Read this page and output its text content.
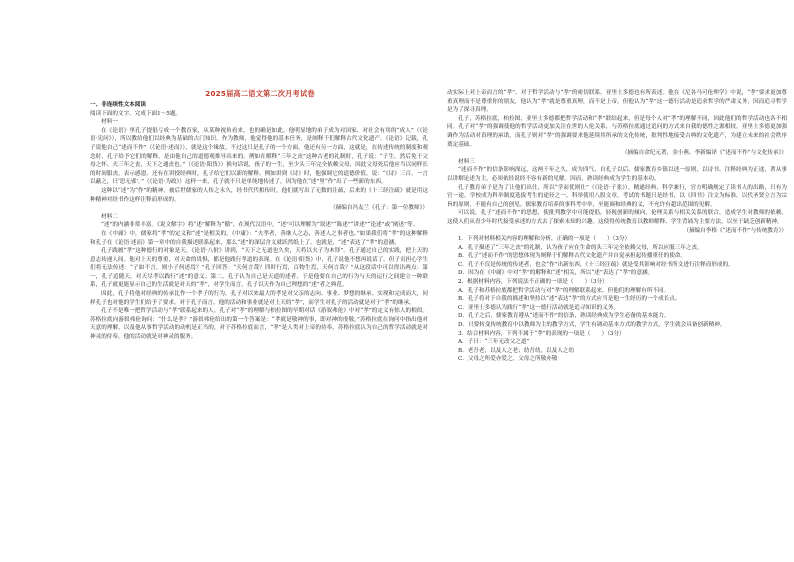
2025届高二语文第二次月考试卷

一、非连续性文本阅读

阅读下面的文字，完成下面1～5题。

材料一

在《论语》里孔子提倡亏成一个教育家，从某种视角看来，也的确是如此。他明显地的弟子成为对国家、对社会有用的“成人”（《论语·宪问》），所以教给他们以经典为基础的古门知识，作为教师，他觉得他的基本任务，是阐释于们解释古代文化遗产。《论语》记载，孔子说他自己“述而不作”（《论语·述而》），就是这个缘故。不过这只是孔子的一个方面，他还有另一方面，这就是，在传述传统的制度和观念时，孔子给予它们的解释，是由他自己的道德观推导出来的。例如在解释“三年之丧”这种古老的礼制时，孔子说：“子生，然后免于父母之怀。夫三年之丧，天下之通丧也。”（《论语·阳货》）换句话说，孩子的一生，至少头三年完全依赖父母，因此父母死后他应当以同样长的时间服丧，表示感恩。还有在讲授经典时，孔子给它们以新的解释。例如讲到《诗》时，他强调它的道德价值，说：“《诗》三百，一言以蔽之，曰‘思无邪’。”（《论语·为政》）这样一来，孔子就不只是单纯地传述了，因为他在“述”里“作”出了一些新的东西。

这种以“述”为“作”的精神，被后世儒家的人传之永久，经书代代相传时，他们就写出了无数的注疏，后来的《十三经注疏》就是用这种精神对经书作这样注释而形成的。

（摘编自冯友兰《孔子：第一位教师》）

材料二

“述”的内涵非常丰富。《说文解字》将“述”解释为“循”，在现代汉语中，“述”可以理解为“叙述”“陈述”“讲述”“论述”或“阐述”等。

在《中庸》中，儒家将“孝”的定义和“述”是相关的。《中庸》：“夫孝者，善继人之志，善述人之事者也。”如果我们将“孝”的这种解释和孔子在《论语·述而》第一章中的自我描述联系起来，那么“述”的深层含义就跃然纸上了。也就是，“述”表达了“孝”的意涵。

孔子践履“孝”这种德行的对象是天。《论语·八佾》讲到，“天下之无道也久矣，天将以夫子为木铎”。孔子通过自己的实践，把上天的意志传递人间。他对上天的尊重，对天命的畏惧，都是他践行孝道的表现。在《论语·阳货》中，孔子说他不想再说话了，但子贡担心学生们将无法传述：“子如不言，则小子何述焉？”孔子回答：“天何言哉？四时行焉，百物生焉，天何言哉？”从这段话中可以得出两点：第一，孔子追随天，对天尽孝以践行“述”的意义；第二，孔子认为自己是天道的述者，于是他要在自己的行为与天的运行之间建立一种联系，孔子就更能显示自己的生活就是对天的“孝”，对学生而言，孔子以天作为自己理想的“述”者之典范。

因此，孔子将他对经典的传承比作一个孝子的行为，孔子对以来最大的孝是对父亲的志向、事业、梦想的继承。实现和完成而大，同样孔子也对他的学生们给予了要求。对于孔子而言，他的活动和事业就是对上天的“孝”，而学生对孔子的活动就是对于“孝”的继承。

孔子不是唯一把哲学活动与“孝”联系起来的人。孔子对“孝”的理解与柏拉图的早期对话《游叙弗伦》中对“孝”的定义有惊人的相似。苏格拉底向游叙弗伦询问：“什么是孝？”游叙弗伦给出的第一个答案是：“孝就是敬神的事，即对神的虔敬。”苏格拉底在询问中指出他对天意的理解，以及他从事哲学活动的动机是正当的，对于苏格拉底而言，“孝”是人类对上帝的侍奉，苏格拉底认为自己的哲学活动就是对神灵的侍奉，他的活动就是对神灵的服务。

动实际上对上帝而言的“孝”。对于哲学活动与“孝”的密切联系，亚里士多德也有所表述。他在《尼各马可伦理学》中说，“孝”要求更加尊重真理而不是尊重你的朋友，他认为“孝”就是尊重真理，而不是上帝，但他认为“孝”这一德行活动是追求哲学的严肃义务，因而追寻哲学是为了探寻真理。

孔子，苏格拉底，柏拉图，亚里士多德都把哲学活动和“孝”联结起来，但是每个人对“孝”的理解不同，因此他们的哲学活动也各不相同。孔子对“孝”的强调使他的哲学活动更加关注在世的人伦关系，与苏格拉底通过追问的方式来自我的德性之源相较，亚里士多德更加强调作为活动对真理的承诺，而孔子则对“孝”的强调要求他延续其所承的文化传统，批判性地接受古典的文化遗产，为建立未来的社会秩序奠定基础。

（摘编自余纪元著，金小燕、李新编译《“述而不作”与文化传承》）

材料三

“述而不作”的信条影响深远，这两千年之久，成为四气，自孔子以后，儒家教育乡镇以述一原则，以诗书、注释经典为正途，著从事以讲解论述为主，必须依经说经不容有新的见解。因而，熟读经典成为学生的基本功。

孔子教育弟子是为了让他们出仕，所以“学而优则仕”（《论语·子张》）。精通经典，科学兼行，官方明确规定了读书人的出路，只有为官一途。学校成为科举制度选拔考生的途径之一，科举使用八股文章，考试的书题只是经书，以《四书》注文为标准，以代圣贤立言为宗旨的原则，不能有自己的创见。儒家教育培养的事科考中举，至能调和经典的义，不允许有超出范围的见解。

可以说，孔子“述而不作”的思想，使批判教学中可能提倡，轻视创新的倾向，伦理关系与相关关系的联合，造成学生对教师的依赖，这使人们从青少年时代接受承述的方式去了探索未知的兴趣。这使得传统教育以教师解释、学生背诵为主要方法，以至于缺乏创新精神。

（摘编自李格《“述而不作”与传统教育》）

1．下列对材料相关内容的理解和分析，正确的一项是（　　）（3分）

A．孔子描述了“三年之丧”的礼制，认为孩子应在生命的头三年完全依赖父母，所以应服三年之丧。

B．孔子“述而不作”的思想体现为阐释于们解释古代文化遗产并自觉承担起传播重任的使命。

C．孔子不仅是传统的传述者，也会“作”出新东西，《十三经注疏》就是受其影响对经书所文进行注释而形成的。

D．因为在《中庸》中对“孝”的解释和“述”相关，所以“述”表达了“孝”的意涵。

2．根据材料内容，下列说法不正确的一项是（　　）（3分）

A．孔子和苏格拉底都把哲学活动与对“孝”的理解联系起来，但他们的理解有所不同。

B．孔子将对于自我的描述和坚持以“述”表达“孝”的方式应当是他一生经历的一个成长点。

C．亚里士多德认为践行“孝”这一德行活动就是追寻知识的义务。

D．孔子之后，儒家教育遵从“述而不作”的信条，熟读经典成为学生必备的基本能力。

D．只要转变传统教育中以教师为主的教学方式，学生有调动基本方式的教学方式，学生就会具备创新精神。

3．结合材料内容，下列不属于“孝”的表现的一项是（　　）（3分）

A．子曰：“三年无改父之道”

B．老吾老，以及人之老；幼吾幼，以及人之幼

C．父母之所爱亦爱之，父母之所敬亦敬
